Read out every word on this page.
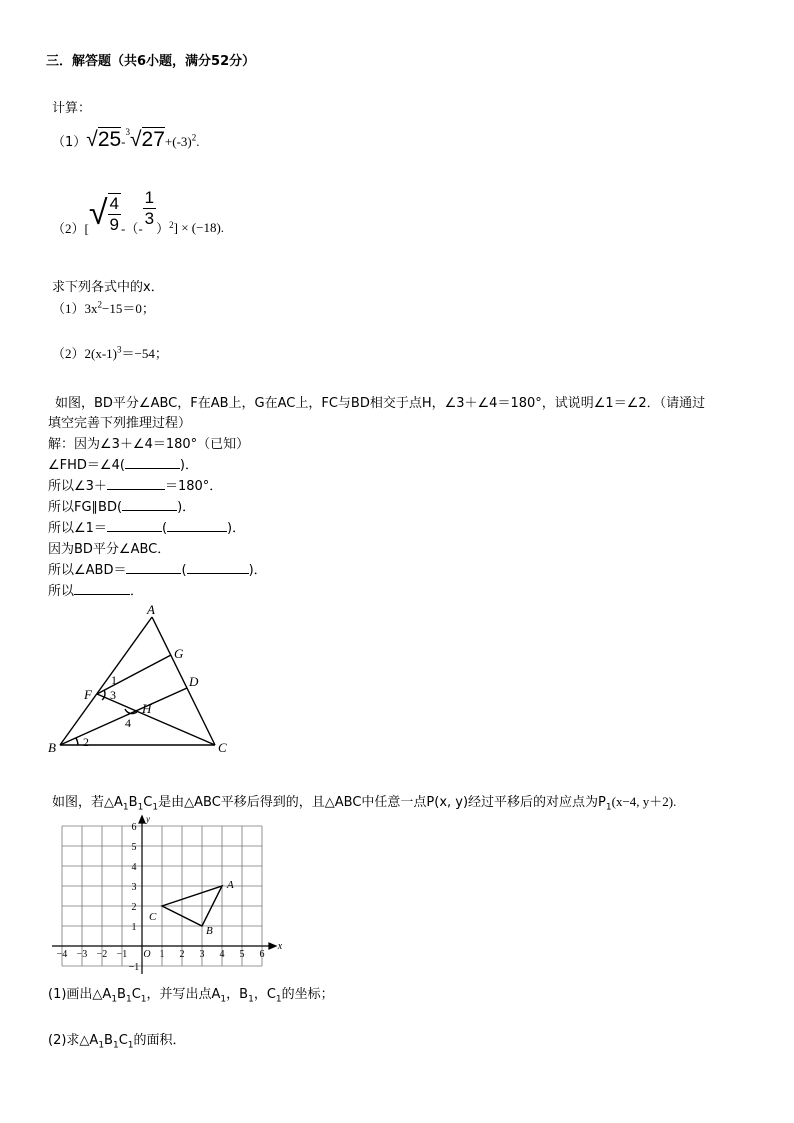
三．解答题（共6小题，满分52分）
计算：
$(1)√25-^3√27+(-3)^2$.
$(2)[√ \frac{4}{9}$ -（- $\frac{1}{3} )2] \times (-18)$.
求下列各式中的x．
$(1)3x^2-15=0$；
$(2)2(x-1)^3=-54$；
如图，BD平分∠ABC，F在AB上，G在AC上，FC与BD相交于点H，∠3＋∠4＝180°，试说明∠1＝∠2．（请通过
填空完善下列推理过程）
解：因为∠3＋∠4＝180°（已知）
∠FHD＝∠4(	)．
所以∠3＋	＝180°．
所以FG∥BD(	)．
所以∠1＝	(	)．
因为BD平分∠ABC．
所以∠ABD＝	(	)．
所以	．
A
B	C
D
F
G
H
1
2
3
4
如图，若$\triangle A_1B_1C_1$是由△ABC平移后得到的，且△ABC中任意一点P(x, y)经过平移后的对应点为$P_1(x-4$, y＋2).
−4 −3 −2 −1	1 2 3 4 5 6
6
5
4
3
2
1
−1
O
x
y
A
B
C
(1)画出$\triangle A_1B_1C_1$，并写出点$A_1$，$B_1$，$C_1$的坐标；
(2)求$\triangle A_1B_1C_1$的面积．
